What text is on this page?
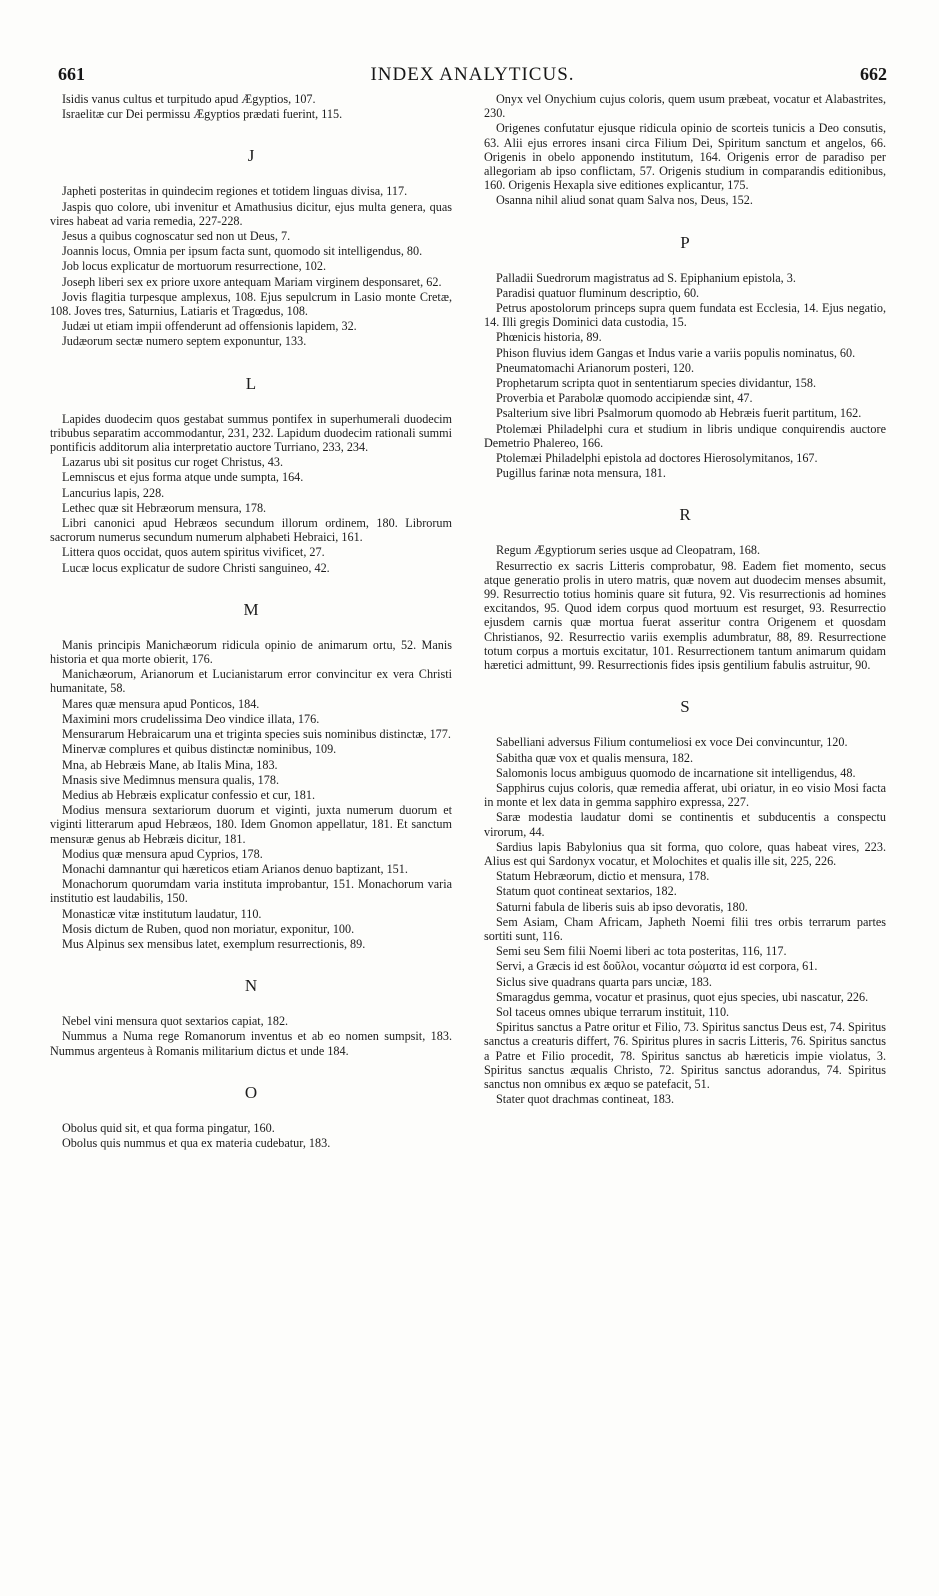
661	INDEX ANALYTICUS.	662
Isidis vanus cultus et turpitudo apud Ægyptios, 107.
Israelitæ cur Dei permissu Ægyptios prædati fuerint, 115.
J
Japheti posteritas in quindecim regiones et totidem linguas divisa, 117.
Jaspis quo colore, ubi invenitur et Amathusius dicitur, ejus multa genera, quas vires habeat ad varia remedia, 227-228.
Jesus a quibus cognoscatur sed non ut Deus, 7.
Joannis locus, Omnia per ipsum facta sunt, quomodo sit intelligendus, 80.
Job locus explicatur de mortuorum resurrectione, 102.
Joseph liberi sex ex priore uxore antequam Mariam virginem desponsaret, 62.
Jovis flagitia turpesque amplexus, 108. Ejus sepulcrum in Lasio monte Cretæ, 108. Joves tres, Saturnius, Latiaris et Tragœdus, 108.
Judæi ut etiam impii offenderunt ad offensionis lapidem, 32.
Judæorum sectæ numero septem exponuntur, 133.
L
Lapides duodecim quos gestabat summus pontifex in superhumerali duodecim tribubus separatim accommodantur, 231, 232. Lapidum duodecim rationali summi pontificis additorum alia interpretatio auctore Turriano, 233, 234.
Lazarus ubi sit positus cur roget Christus, 43.
Lemniscus et ejus forma atque unde sumpta, 164.
Lancurius lapis, 228.
Lethec quæ sit Hebræorum mensura, 178.
Libri canonici apud Hebræos secundum illorum ordinem, 180. Librorum sacrorum numerus secundum numerum alphabeti Hebraici, 161.
Littera quos occidat, quos autem spiritus vivificet, 27.
Lucæ locus explicatur de sudore Christi sanguineo, 42.
M
Manis principis Manichæorum ridicula opinio de animarum ortu, 52. Manis historia et qua morte obierit, 176.
Manichæorum, Arianorum et Lucianistarum error convincitur ex vera Christi humanitate, 58.
Mares quæ mensura apud Ponticos, 184.
Maximini mors crudelissima Deo vindice illata, 176.
Mensurarum Hebraicarum una et triginta species suis nominibus distinctæ, 177.
Minervæ complures et quibus distinctæ nominibus, 109.
Mna, ab Hebræis Mane, ab Italis Mina, 183.
Mnasis sive Medimnus mensura qualis, 178.
Medius ab Hebræis explicatur confessio et cur, 181.
Modius mensura sextariorum duorum et viginti, juxta numerum duorum et viginti litterarum apud Hebræos, 180. Idem Gnomon appellatur, 181. Et sanctum mensuræ genus ab Hebræis dicitur, 181.
Modius quæ mensura apud Cyprios, 178.
Monachi damnantur qui hæreticos etiam Arianos denuo baptizant, 151.
Monachorum quorumdam varia instituta improbantur, 151. Monachorum varia institutio est laudabilis, 150.
Monasticæ vitæ institutum laudatur, 110.
Mosis dictum de Ruben, quod non moriatur, exponitur, 100.
Mus Alpinus sex mensibus latet, exemplum resurrectionis, 89.
N
Nebel vini mensura quot sextarios capiat, 182.
Nummus a Numa rege Romanorum inventus et ab eo nomen sumpsit, 183. Nummus argenteus à Romanis militarium dictus et unde 184.
O
Obolus quid sit, et qua forma pingatur, 160.
Obolus quis nummus et qua ex materia cudebatur, 183.
Onyx vel Onychium cujus coloris, quem usum præbeat, vocatur et Alabastrites, 230.
Origenes confutatur ejusque ridicula opinio de scorteis tunicis a Deo consutis, 63. Alii ejus errores insani circa Filium Dei, Spiritum sanctum et angelos, 66. Origenis in obelo apponendo institutum, 164. Origenis error de paradiso per allegoriam ab ipso conflictam, 57. Origenis studium in comparandis editionibus, 160. Origenis Hexapla sive editiones explicantur, 175.
Osanna nihil aliud sonat quam Salva nos, Deus, 152.
P
Palladii Suedrorum magistratus ad S. Epiphanium epistola, 3.
Paradisi quatuor fluminum descriptio, 60.
Petrus apostolorum princeps supra quem fundata est Ecclesia, 14. Ejus negatio, 14. Illi gregis Dominici data custodia, 15.
Phœnicis historia, 89.
Phison fluvius idem Gangas et Indus varie a variis populis nominatus, 60.
Pneumatomachi Arianorum posteri, 120.
Prophetarum scripta quot in sententiarum species dividantur, 158.
Proverbia et Parabolæ quomodo accipiendæ sint, 47.
Psalterium sive libri Psalmorum quomodo ab Hebræis fuerit partitum, 162.
Ptolemæi Philadelphi cura et studium in libris undique conquirendis auctore Demetrio Phalereo, 166.
Ptolemæi Philadelphi epistola ad doctores Hierosolymitanos, 167.
Pugillus farinæ nota mensura, 181.
R
Regum Ægyptiorum series usque ad Cleopatram, 168.
Resurrectio ex sacris Litteris comprobatur, 98. Eadem fiet momento, secus atque generatio prolis in utero matris, quæ novem aut duodecim menses absumit, 99. Resurrectio totius hominis quare sit futura, 92. Vis resurrectionis ad homines excitandos, 95. Quod idem corpus quod mortuum est resurget, 93. Resurrectio ejusdem carnis quæ mortua fuerat asseritur contra Origenem et quosdam Christianos, 92. Resurrectio variis exemplis adumbratur, 88, 89. Resurrectione totum corpus a mortuis excitatur, 101. Resurrectionem tantum animarum quidam hæretici admittunt, 99. Resurrectionis fides ipsis gentilium fabulis astruitur, 90.
S
Sabelliani adversus Filium contumeliosi ex voce Dei convincuntur, 120.
Sabitha quæ vox et qualis mensura, 182.
Salomonis locus ambiguus quomodo de incarnatione sit intelligendus, 48.
Sapphirus cujus coloris, quæ remedia afferat, ubi oriatur, in eo visio Mosi facta in monte et lex data in gemma sapphiro expressa, 227.
Saræ modestia laudatur domi se continentis et subducentis a conspectu virorum, 44.
Sardius lapis Babylonius qua sit forma, quo colore, quas habeat vires, 223. Alius est qui Sardonyx vocatur, et Molochites et qualis ille sit, 225, 226.
Statum Hebræorum, dictio et mensura, 178.
Statum quot contineat sextarios, 182.
Saturni fabula de liberis suis ab ipso devoratis, 180.
Sem Asiam, Cham Africam, Japheth Noemi filii tres orbis terrarum partes sortiti sunt, 116.
Semi seu Sem filii Noemi liberi ac tota posteritas, 116, 117.
Servi, a Græcis id est δοῦλοι, vocantur σώματα id est corpora, 61.
Siclus sive quadrans quarta pars unciæ, 183.
Smaragdus gemma, vocatur et prasinus, quot ejus species, ubi nascatur, 226.
Sol taceus omnes ubique terrarum instituit, 110.
Spiritus sanctus a Patre oritur et Filio, 73. Spiritus sanctus Deus est, 74. Spiritus sanctus a creaturis differt, 76. Spiritus plures in sacris Litteris, 76. Spiritus sanctus a Patre et Filio procedit, 78. Spiritus sanctus ab hæreticis impie violatus, 3. Spiritus sanctus æqualis Christo, 72. Spiritus sanctus adorandus, 74. Spiritus sanctus non omnibus ex æquo se patefacit, 51.
Stater quot drachmas contineat, 183.
